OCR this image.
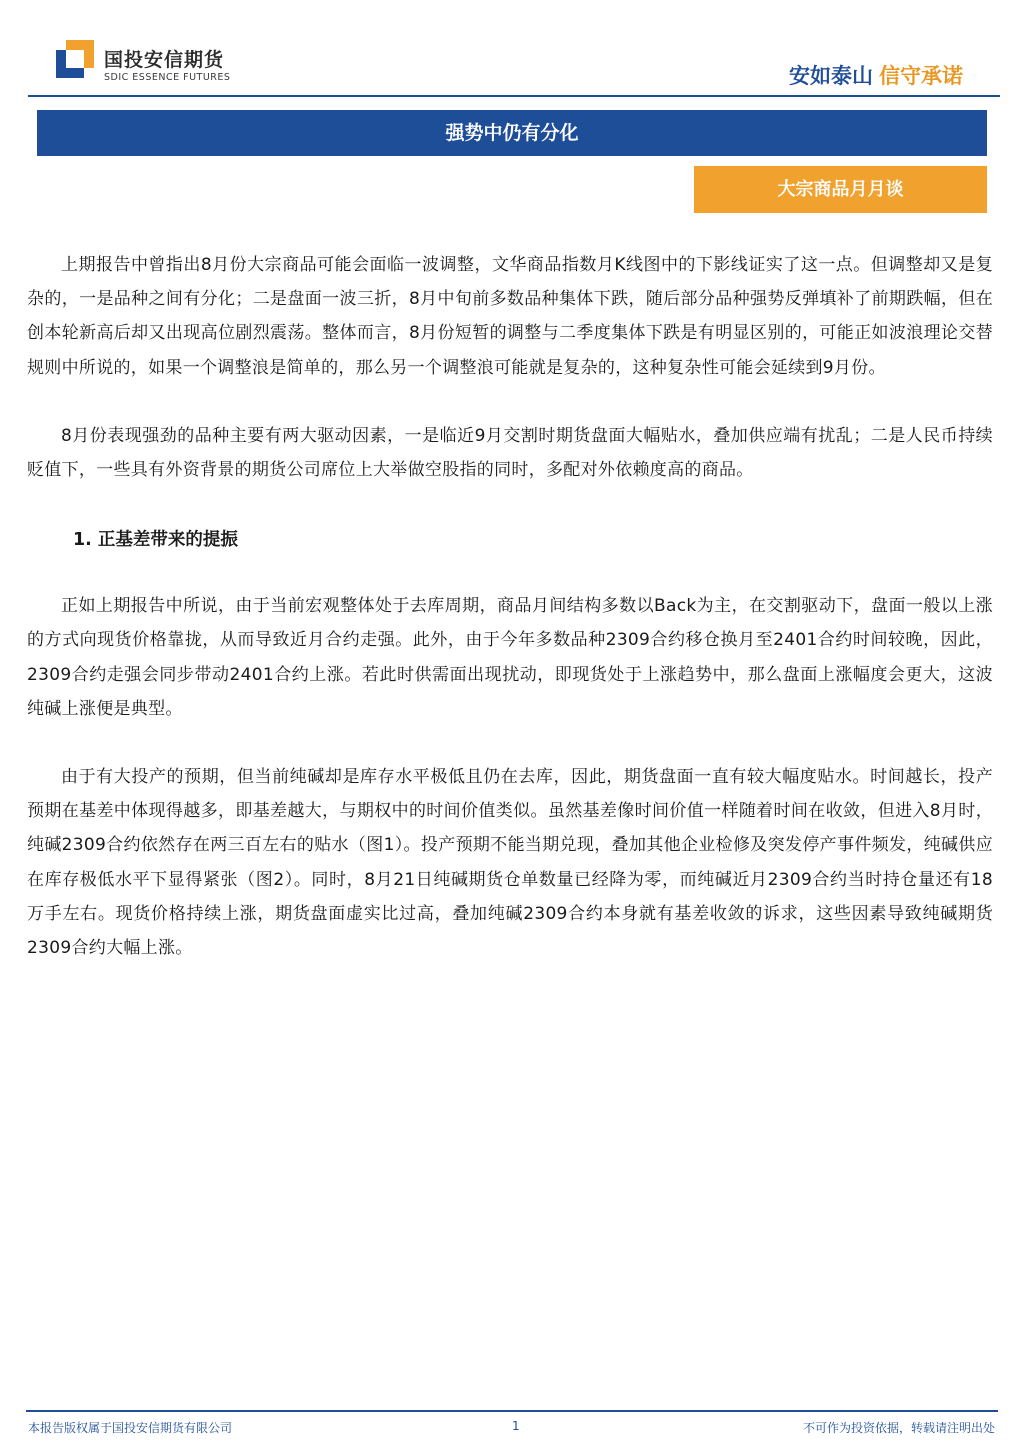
国投安信期货
SDIC ESSENCE FUTURES	安如泰山 信守承诺
强势中仍有分化
大宗商品月月谈

上期报告中曾指出8月份大宗商品可能会面临一波调整，文华商品指数月K线图中的下影线证实了这一点。但调整却又是复杂的，一是品种之间有分化；二是盘面一波三折，8月中旬前多数品种集体下跌，随后部分品种强势反弹填补了前期跌幅，但在创本轮新高后却又出现高位剧烈震荡。整体而言，8月份短暂的调整与二季度集体下跌是有明显区别的，可能正如波浪理论交替规则中所说的，如果一个调整浪是简单的，那么另一个调整浪可能就是复杂的，这种复杂性可能会延续到9月份。

8月份表现强劲的品种主要有两大驱动因素，一是临近9月交割时期货盘面大幅贴水，叠加供应端有扰乱；二是人民币持续贬值下，一些具有外资背景的期货公司席位上大举做空股指的同时，多配对外依赖度高的商品。

1. 正基差带来的提振

正如上期报告中所说，由于当前宏观整体处于去库周期，商品月间结构多数以Back为主，在交割驱动下，盘面一般以上涨的方式向现货价格靠拢，从而导致近月合约走强。此外，由于今年多数品种2309合约移仓换月至2401合约时间较晚，因此，2309合约走强会同步带动2401合约上涨。若此时供需面出现扰动，即现货处于上涨趋势中，那么盘面上涨幅度会更大，这波纯碱上涨便是典型。

由于有大投产的预期，但当前纯碱却是库存水平极低且仍在去库，因此，期货盘面一直有较大幅度贴水。时间越长，投产预期在基差中体现得越多，即基差越大，与期权中的时间价值类似。虽然基差像时间价值一样随着时间在收敛，但进入8月时，纯碱2309合约依然存在两三百左右的贴水（图1）。投产预期不能当期兑现，叠加其他企业检修及突发停产事件频发，纯碱供应在库存极低水平下显得紧张（图2）。同时，8月21日纯碱期货仓单数量已经降为零，而纯碱近月2309合约当时持仓量还有18万手左右。现货价格持续上涨，期货盘面虚实比过高，叠加纯碱2309合约本身就有基差收敛的诉求，这些因素导致纯碱期货2309合约大幅上涨。

本报告版权属于国投安信期货有限公司	1	不可作为投资依据，转载请注明出处
